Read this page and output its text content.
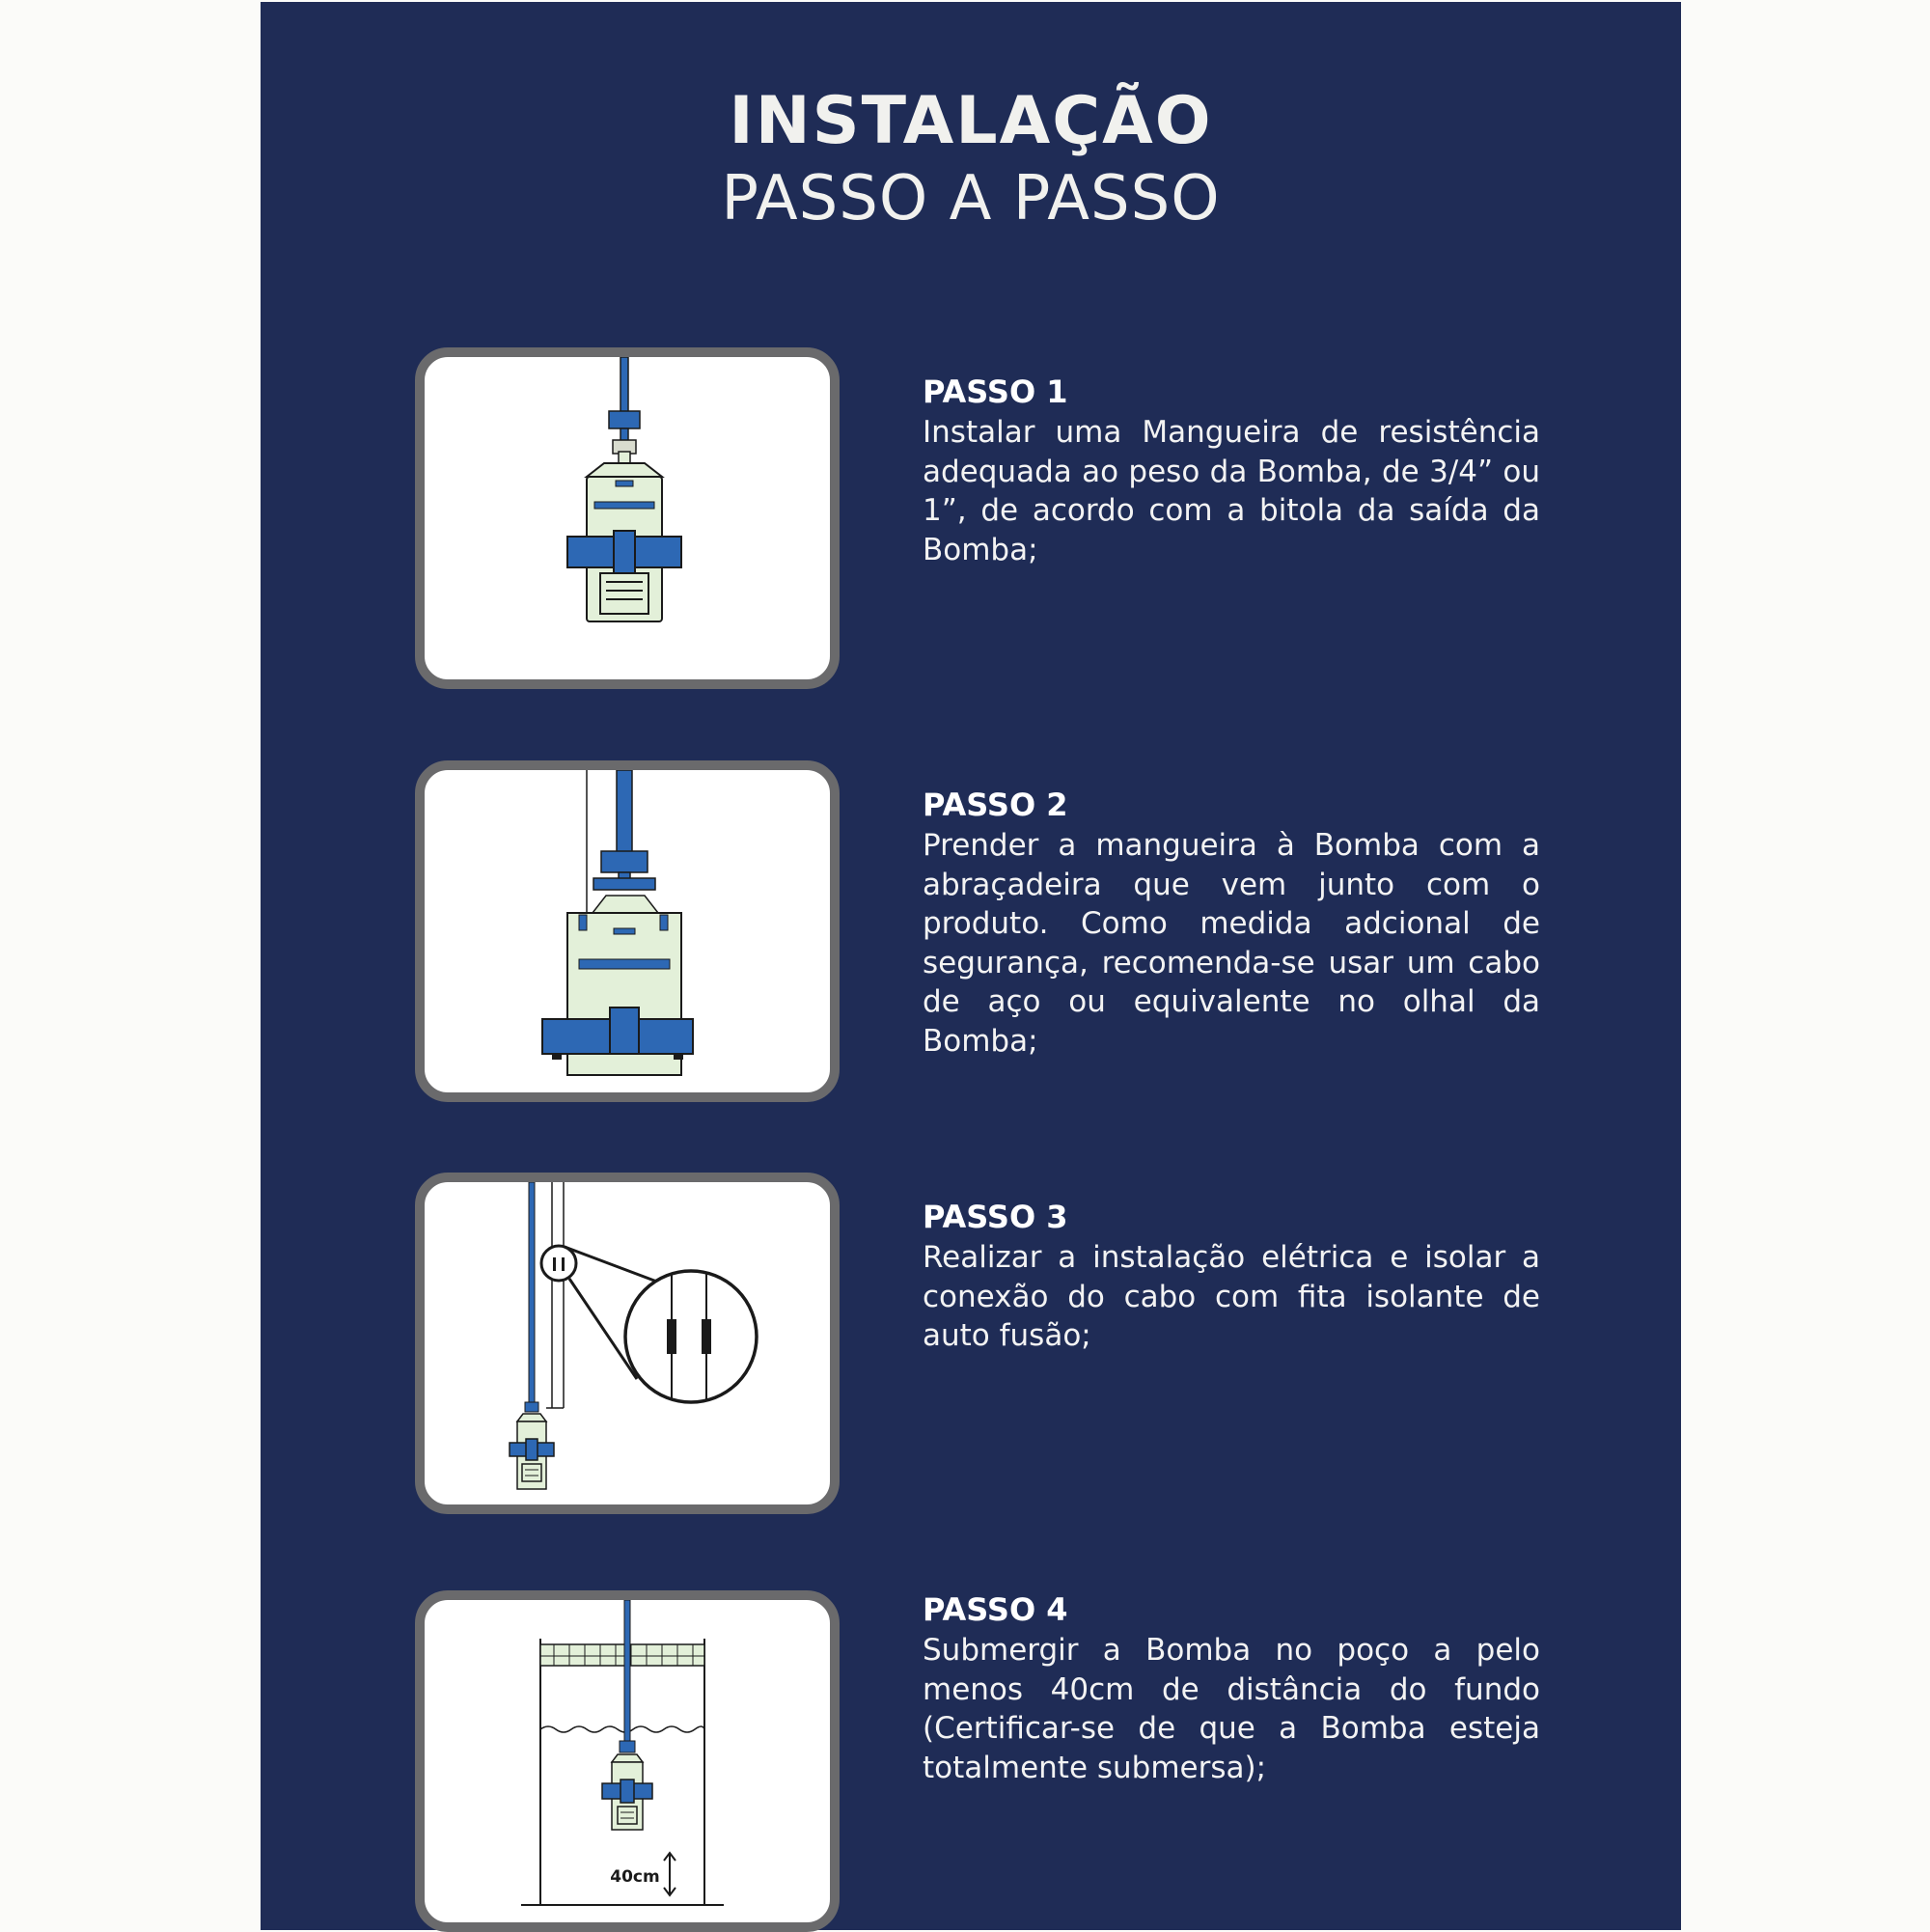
INSTALAÇÃO
PASSO A PASSO
PASSO 1
Instalar uma Mangueira de resistência adequada ao peso da Bomba, de 3/4” ou 1”, de acordo com a bitola da saída da Bomba;
PASSO 2
Prender a mangueira à Bomba com a abraçadeira que vem junto com o produto. Como medida adcional de segurança, recomenda-se usar um cabo de aço ou equivalente no olhal da Bomba;
PASSO 3
Realizar a instalação elétrica e isolar a conexão do cabo com fita isolante de auto fusão;
40cm
PASSO 4
Submergir a Bomba no poço a pelo menos 40cm de distância do fundo (Certificar-se de que a Bomba esteja totalmente submersa);
